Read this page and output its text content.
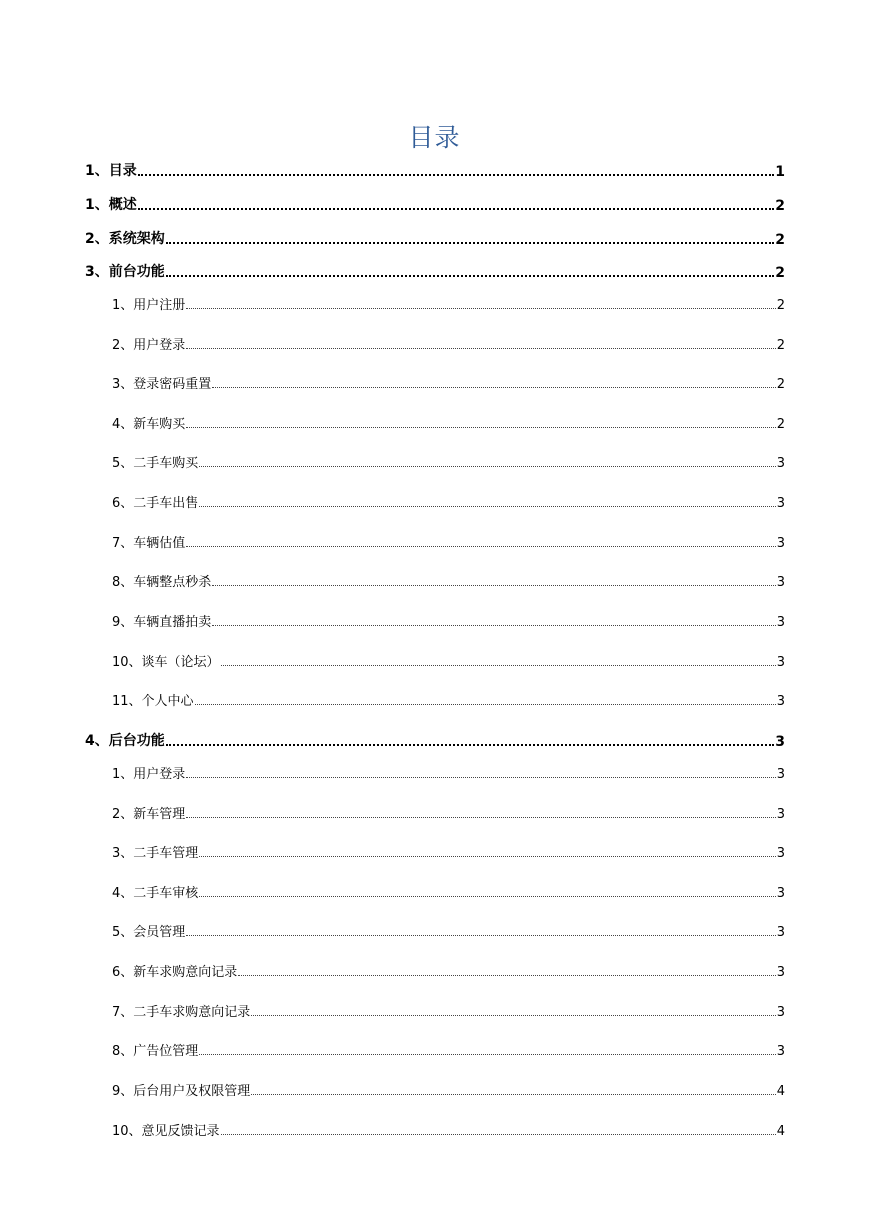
目录
1、目录	1
1、概述	2
2、系统架构	2
3、前台功能	2
1、用户注册	2
2、用户登录	2
3、登录密码重置	2
4、新车购买	2
5、二手车购买	3
6、二手车出售	3
7、车辆估值	3
8、车辆整点秒杀	3
9、车辆直播拍卖	3
10、谈车（论坛）	3
11、个人中心	3
4、后台功能	3
1、用户登录	3
2、新车管理	3
3、二手车管理	3
4、二手车审核	3
5、会员管理	3
6、新车求购意向记录	3
7、二手车求购意向记录	3
8、广告位管理	3
9、后台用户及权限管理	4
10、意见反馈记录	4
